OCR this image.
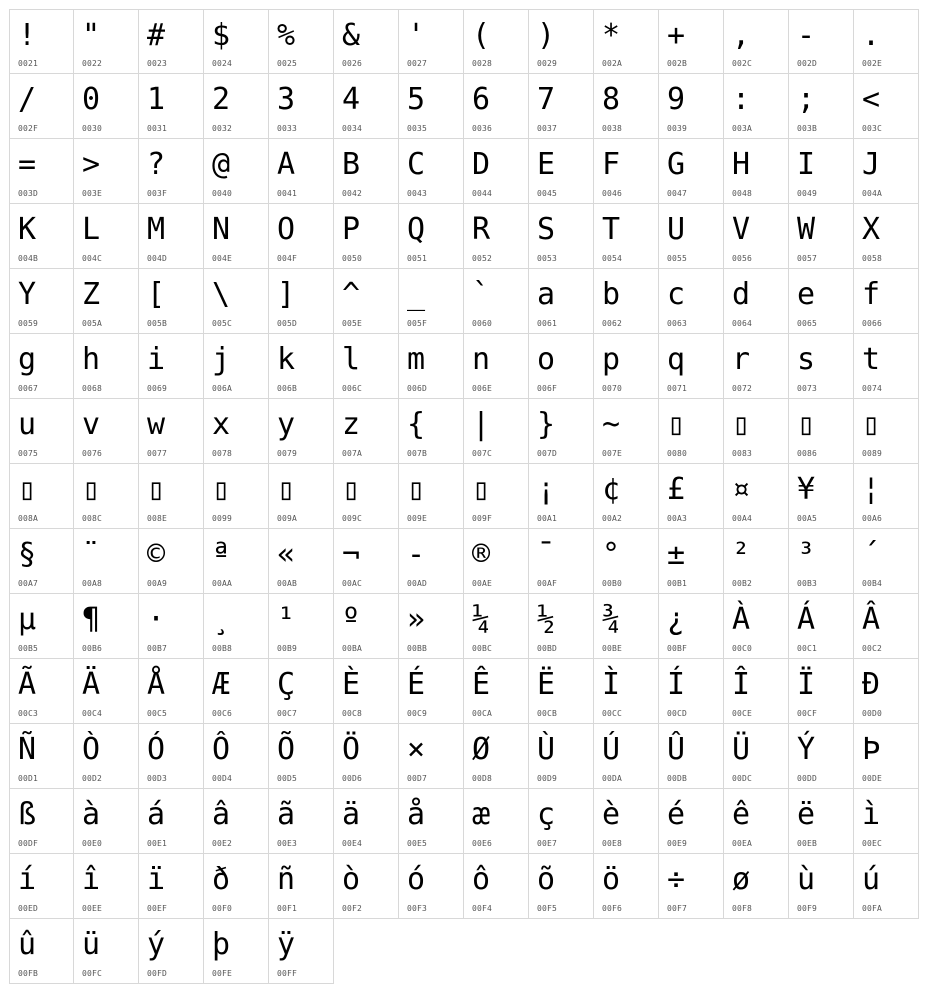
!
0021
"
0022
#
0023
$
0024
%
0025
&
0026
'
0027
(
0028
)
0029
*
002A
+
002B
,
002C
-
002D
.
002E
/
002F
0
0030
1
0031
2
0032
3
0033
4
0034
5
0035
6
0036
7
0037
8
0038
9
0039
:
003A
;
003B
<
003C
=
003D
>
003E
?
003F
@
0040
A
0041
B
0042
C
0043
D
0044
E
0045
F
0046
G
0047
H
0048
I
0049
J
004A
K
004B
L
004C
M
004D
N
004E
O
004F
P
0050
Q
0051
R
0052
S
0053
T
0054
U
0055
V
0056
W
0057
X
0058
Y
0059
Z
005A
[
005B
\
005C
]
005D
^
005E
_
005F
`
0060
a
0061
b
0062
c
0063
d
0064
e
0065
f
0066
g
0067
h
0068
i
0069
j
006A
k
006B
l
006C
m
006D
n
006E
o
006F
p
0070
q
0071
r
0072
s
0073
t
0074
u
0075
v
0076
w
0077
x
0078
y
0079
z
007A
{
007B
|
007C
}
007D
~
007E
▯
0080
▯
0083
▯
0086
▯
0089
▯
008A
▯
008C
▯
008E
▯
0099
▯
009A
▯
009C
▯
009E
▯
009F
¡
00A1
¢
00A2
£
00A3
¤
00A4
¥
00A5
¦
00A6
§
00A7
¨
00A8
©
00A9
ª
00AA
«
00AB
¬
00AC
-
00AD
®
00AE
¯
00AF
°
00B0
±
00B1
²
00B2
³
00B3
´
00B4
µ
00B5
¶
00B6
·
00B7
¸
00B8
¹
00B9
º
00BA
»
00BB
¼
00BC
½
00BD
¾
00BE
¿
00BF
À
00C0
Á
00C1
Â
00C2
Ã
00C3
Ä
00C4
Å
00C5
Æ
00C6
Ç
00C7
È
00C8
É
00C9
Ê
00CA
Ë
00CB
Ì
00CC
Í
00CD
Î
00CE
Ï
00CF
Ð
00D0
Ñ
00D1
Ò
00D2
Ó
00D3
Ô
00D4
Õ
00D5
Ö
00D6
×
00D7
Ø
00D8
Ù
00D9
Ú
00DA
Û
00DB
Ü
00DC
Ý
00DD
Þ
00DE
ß
00DF
à
00E0
á
00E1
â
00E2
ã
00E3
ä
00E4
å
00E5
æ
00E6
ç
00E7
è
00E8
é
00E9
ê
00EA
ë
00EB
ì
00EC
í
00ED
î
00EE
ï
00EF
ð
00F0
ñ
00F1
ò
00F2
ó
00F3
ô
00F4
õ
00F5
ö
00F6
÷
00F7
ø
00F8
ù
00F9
ú
00FA
û
00FB
ü
00FC
ý
00FD
þ
00FE
ÿ
00FF
